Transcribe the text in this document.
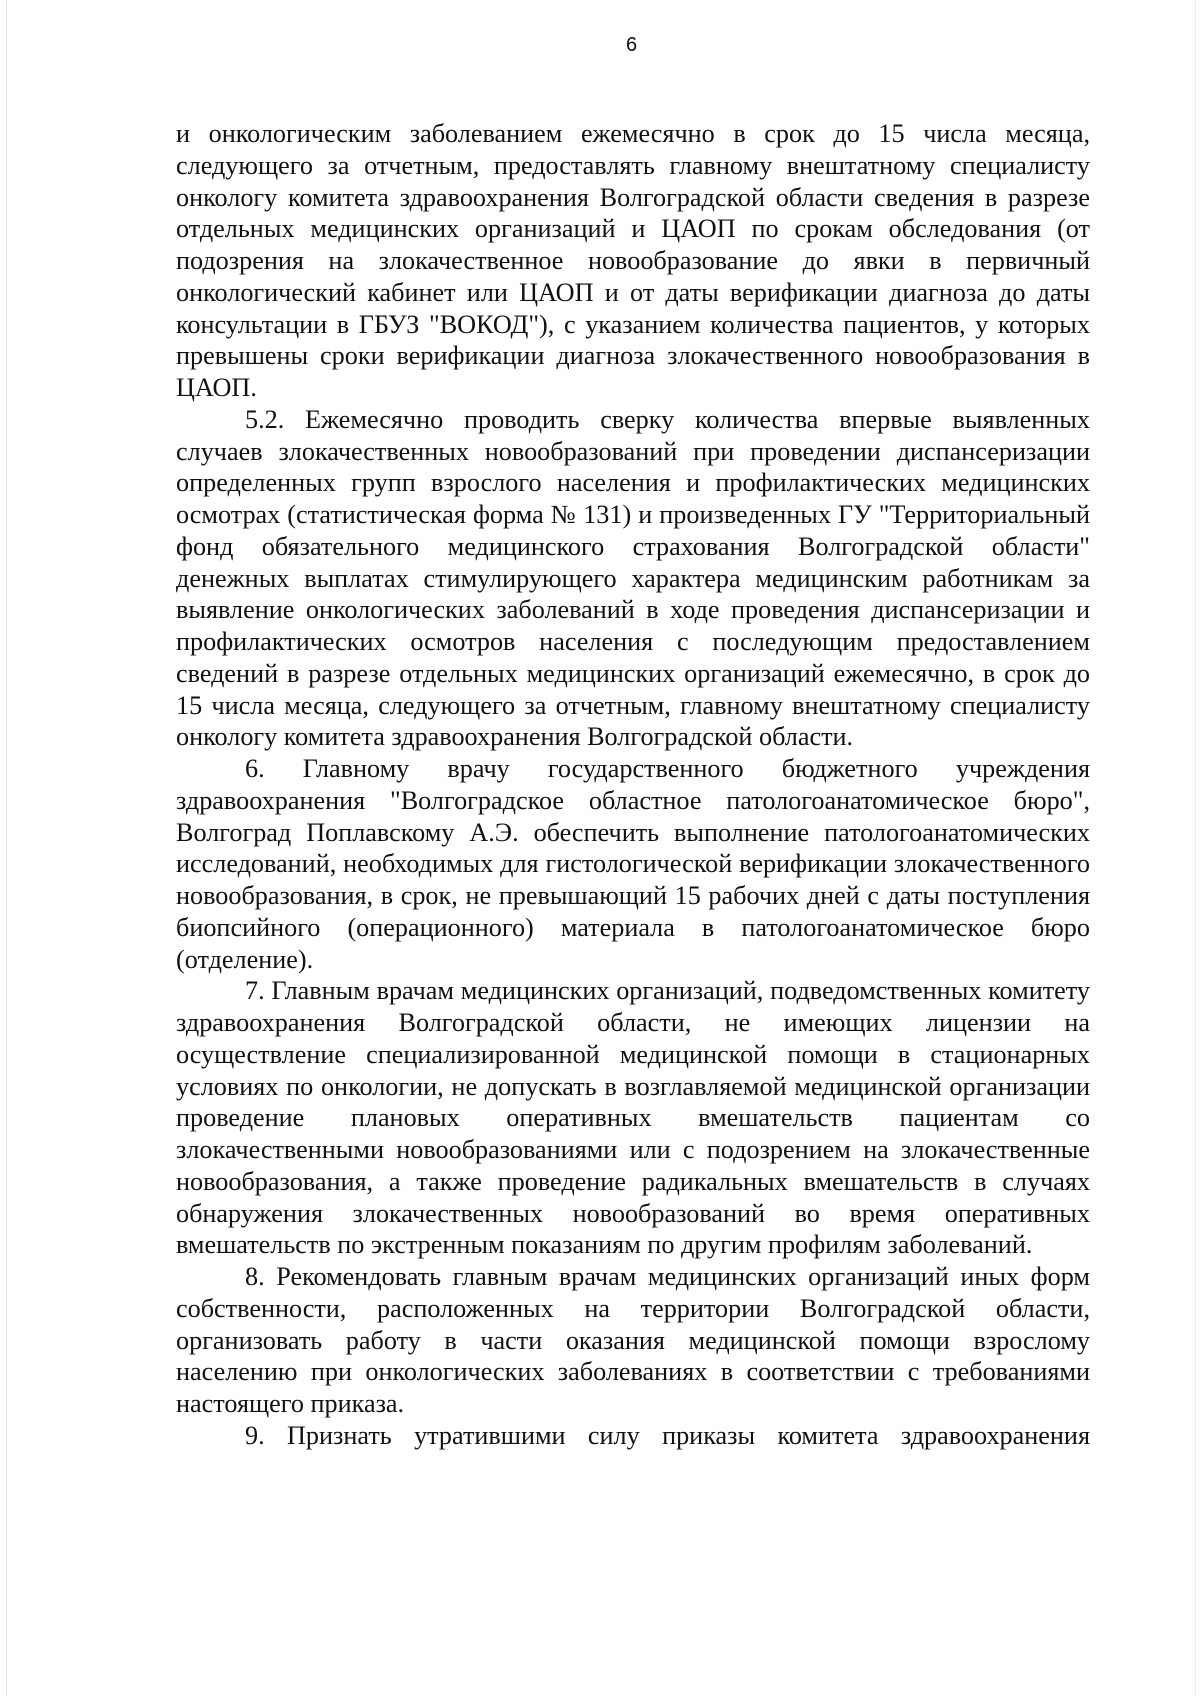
6

и онкологическим заболеванием ежемесячно в срок до 15 числа месяца, следующего за отчетным, предоставлять главному внештатному специалисту онкологу комитета здравоохранения Волгоградской области сведения в разрезе отдельных медицинских организаций и ЦАОП по срокам обследования (от подозрения на злокачественное новообразование до явки в первичный онкологический кабинет или ЦАОП и от даты верификации диагноза до даты консультации в ГБУЗ "ВОКОД"), с указанием количества пациентов, у которых превышены сроки верификации диагноза злокачественного новообразования в ЦАОП.

5.2. Ежемесячно проводить сверку количества впервые выявленных случаев злокачественных новообразований при проведении диспансеризации определенных групп взрослого населения и профилактических медицинских осмотрах (статистическая форма № 131) и произведенных ГУ "Территориальный фонд обязательного медицинского страхования Волгоградской области" денежных выплатах стимулирующего характера медицинским работникам за выявление онкологических заболеваний в ходе проведения диспансеризации и профилактических осмотров населения с последующим предоставлением сведений в разрезе отдельных медицинских организаций ежемесячно, в срок до 15 числа месяца, следующего за отчетным, главному внештатному специалисту онкологу комитета здравоохранения Волгоградской области.

6. Главному врачу государственного бюджетного учреждения здравоохранения "Волгоградское областное патологоанатомическое бюро", Волгоград Поплавскому А.Э. обеспечить выполнение патологоанатомических исследований, необходимых для гистологической верификации злокачественного новообразования, в срок, не превышающий 15 рабочих дней с даты поступления биопсийного (операционного) материала в патологоанатомическое бюро (отделение).

7. Главным врачам медицинских организаций, подведомственных комитету здравоохранения Волгоградской области, не имеющих лицензии на осуществление специализированной медицинской помощи в стационарных условиях по онкологии, не допускать в возглавляемой медицинской организации проведение плановых оперативных вмешательств пациентам со злокачественными новообразованиями или с подозрением на злокачественные новообразования, а также проведение радикальных вмешательств в случаях обнаружения злокачественных новообразований во время оперативных вмешательств по экстренным показаниям по другим профилям заболеваний.

8. Рекомендовать главным врачам медицинских организаций иных форм собственности, расположенных на территории Волгоградской области, организовать работу в части оказания медицинской помощи взрослому населению при онкологических заболеваниях в соответствии с требованиями настоящего приказа.

9. Признать утратившими силу приказы комитета здравоохранения
